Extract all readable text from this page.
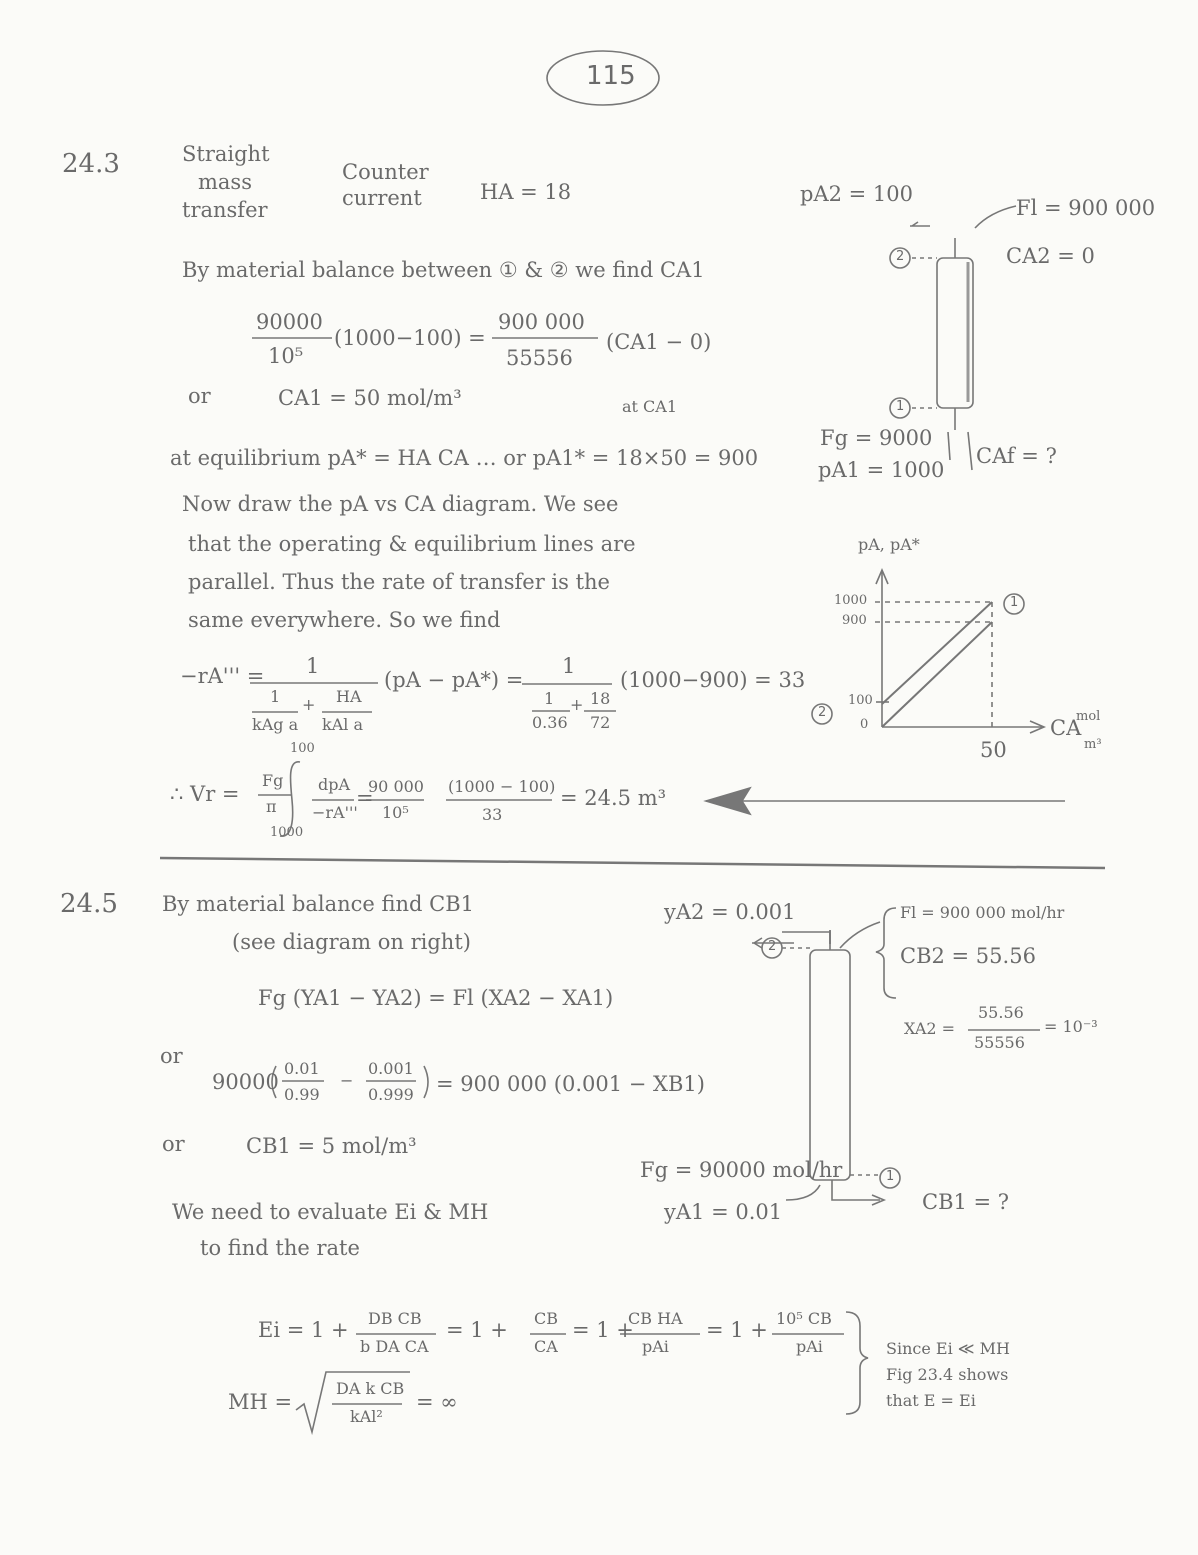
115
24.3	Straight
mass
transfer
Counter
current	HA = 18	pA2 = 100
By material balance between ① & ② we find CA1
90000
10⁵
(1000−100) =
900 000
55556
(CA1 − 0)
or	CA1 = 50 mol/m³	at CA1
at equilibrium pA* = HA CA … or pA1* = 18×50 = 900
Now draw the pA vs CA diagram. We see
that the operating & equilibrium lines are
parallel. Thus the rate of transfer is the
same everywhere. So we find
−rA''' = 1
1 + HA
kAg a kAl a
(pA − pA*) =
1
1 + 18
0.36 72
(1000−900) = 33
∴ Vr =
100
1000
Fg
π
dpA
−rA'''
=
90 000
10⁵
(1000 − 100)
33
= 24.5 m³
Fl = 900 000
CA2 = 0
2
1
Fg = 9000
pA1 = 1000
CAf = ?
pA, pA*
1000
900
100
0
50
CA
mol
m³
1
2
24.5 By material balance find CB1
(see diagram on right)
Fg (YA1 − YA2) = Fl (XA2 − XA1)
or
90000
0.01
0.99
−
0.001
0.999 = 900 000 (0.001 − XB1)
or	CB1 = 5 mol/m³
We need to evaluate Ei & MH
to find the rate
Ei = 1 + DB CB
b DA CA
= 1 + CB
CA
= 1 +
CB HA
pAi
= 1 + 10⁵ CB
pAi
MH =
DA k CB
kAl²
= ∞
Since Ei ≪ MH
Fig 23.4 shows
that E = Ei
yA2 = 0.001	Fl = 900 000 mol/hr
CB2 = 55.56
XA2 =
55.56
55556
= 10⁻³
2
1
Fg = 90000 mol/hr
yA1 = 0.01	CB1 = ?
